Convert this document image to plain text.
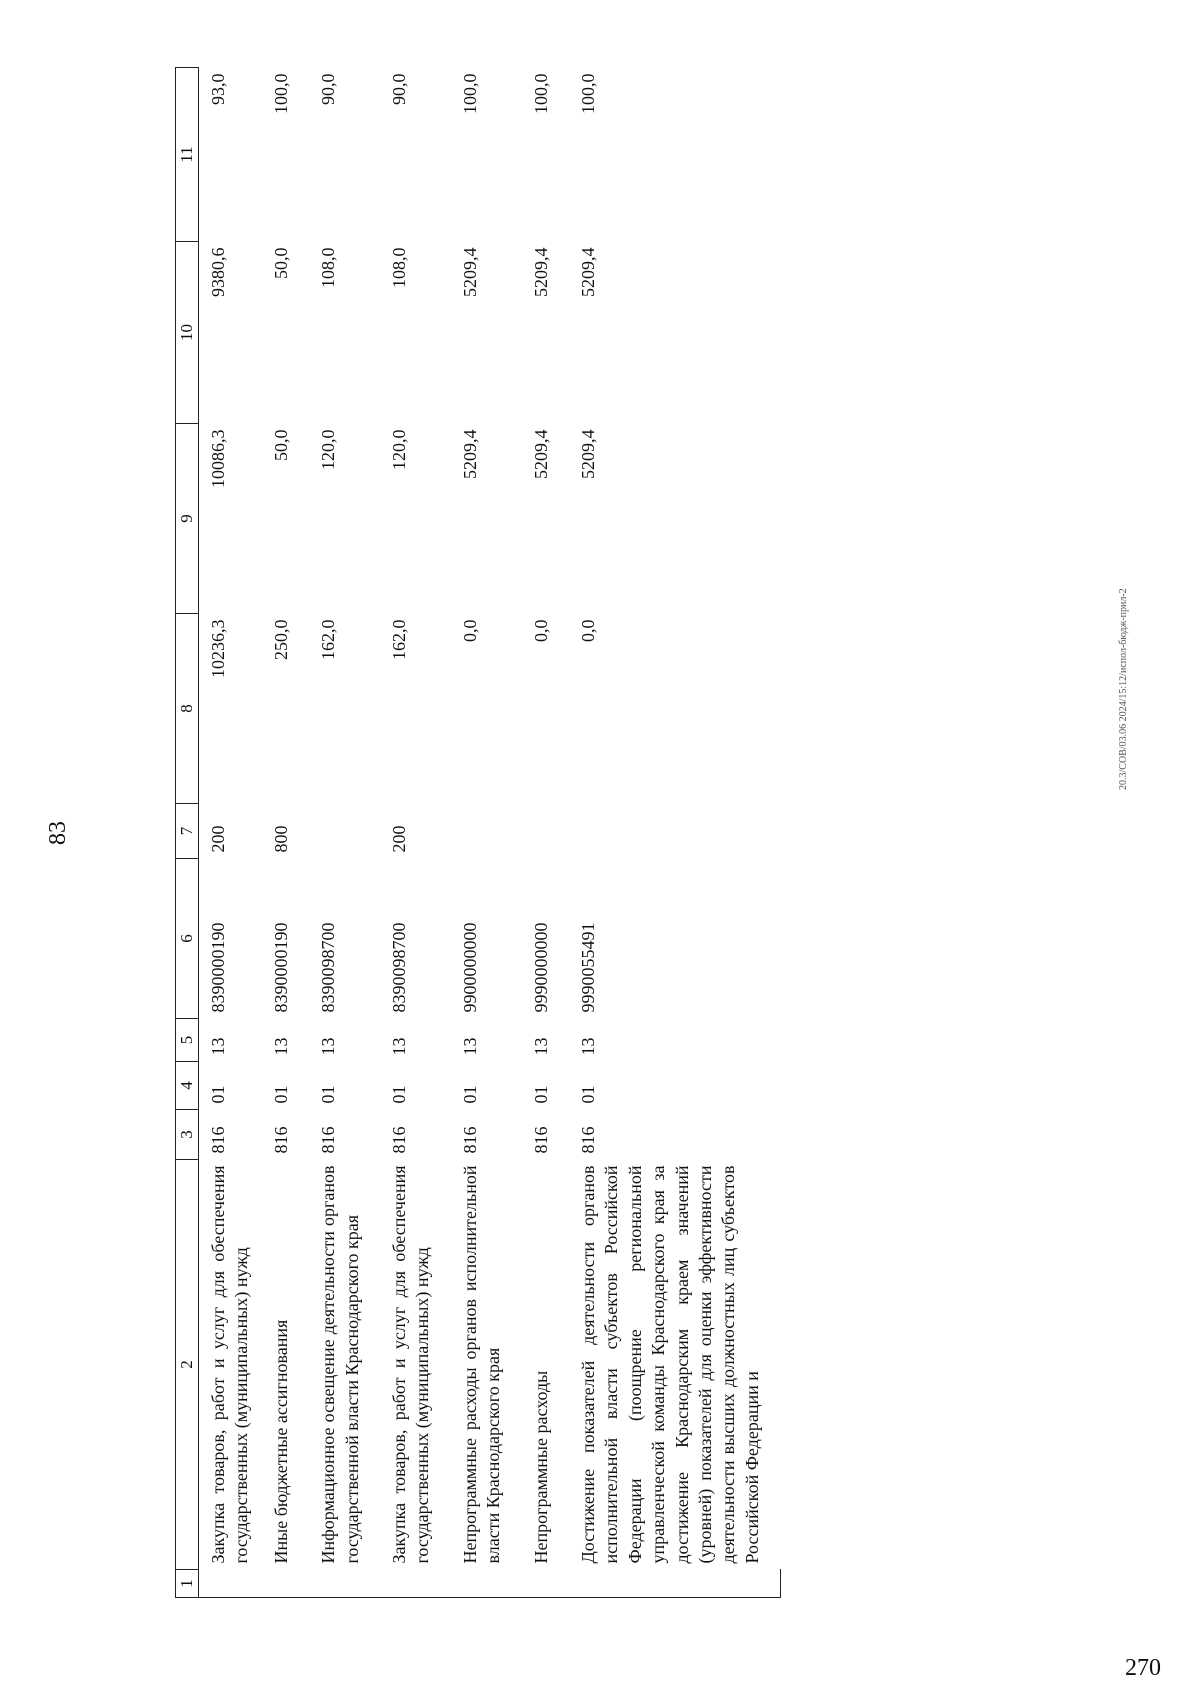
83
1	2	3	4	5	6	7	8	9	10	11
	Закупка товаров, работ и услуг для обеспечения государственных (муниципальных) нужд	816	01	13	8390000190	200	10236,3	10086,3	9380,6	93,0
	Иные бюджетные ассигнования	816	01	13	8390000190	800	250,0	50,0	50,0	100,0
	Информационное освещение деятельности органов государственной власти Краснодарского края	816	01	13	8390098700		162,0	120,0	108,0	90,0
	Закупка товаров, работ и услуг для обеспечения государственных (муниципальных) нужд	816	01	13	8390098700	200	162,0	120,0	108,0	90,0
	Непрограммные расходы органов исполнительной власти Краснодарского края	816	01	13	9900000000		0,0	5209,4	5209,4	100,0
	Непрограммные расходы	816	01	13	9990000000		0,0	5209,4	5209,4	100,0
	Достижение показателей деятельности органов исполнительной власти субъектов Российской Федерации (поощрение региональной управленческой команды Краснодарского края за достижение Краснодарским краем значений (уровней) показателей для оценки эффективности деятельности высших должностных лиц субъектов Российской Федерации и	816	01	13	9990055491		0,0	5209,4	5209,4	100,0
20.3/СОВ/03.06 2024/15:12/испол-бюдж-прил-2
270
